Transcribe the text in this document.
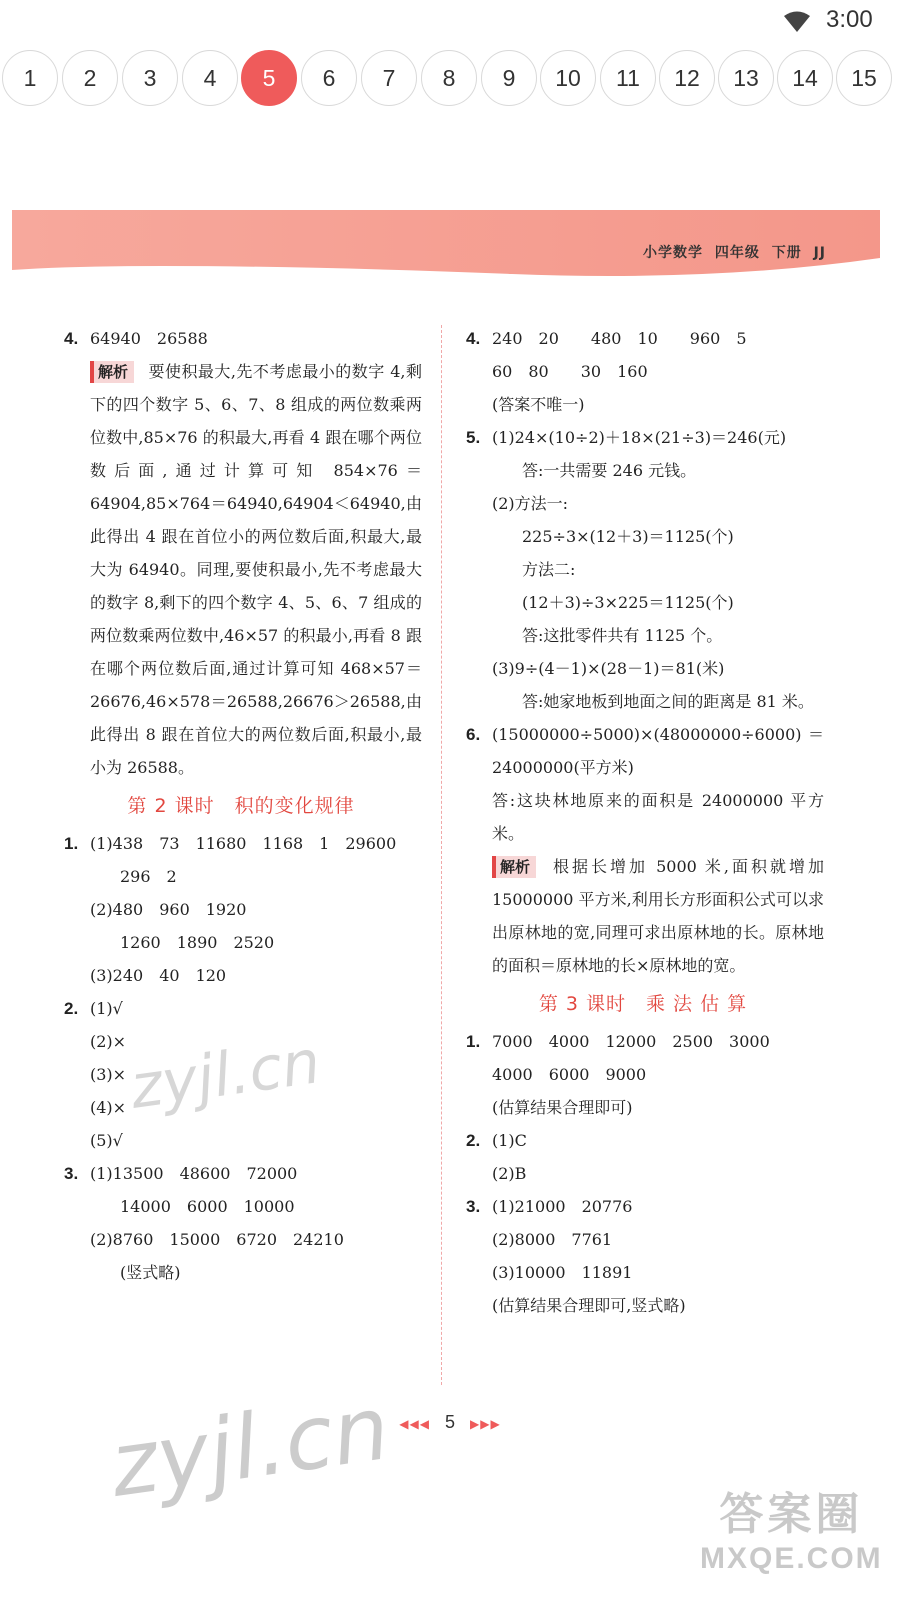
3:00
1	2	3	4	5	6	7	8	9	10	11	12	13	14	15
小学数学 四年级 下册 JJ
4. 64940　26588
解析 要使积最大,先不考虑最小的数字 4,剩下的四个数字 5、6、7、8 组成的两位数乘两位数中,85×76 的积最大,再看 4 跟在哪个两位数后面,通过计算可知 854×76＝64904,85×764＝64940,64904＜64940,由此得出 4 跟在首位小的两位数后面,积最大,最大为 64940。同理,要使积最小,先不考虑最大的数字 8,剩下的四个数字 4、5、6、7 组成的两位数乘两位数中,46×57 的积最小,再看 8 跟在哪个两位数后面,通过计算可知 468×57＝26676,46×578＝26588,26676＞26588,由此得出 8 跟在首位大的两位数后面,积最小,最小为 26588。
第 2 课时　积的变化规律
1. (1)438　73　11680　1168　1　29600
296　2
(2)480　960　1920
1260　1890　2520
(3)240　40　120
2. (1)√
(2)×
(3)×
(4)×
(5)√
3. (1)13500　48600　72000
14000　6000　10000
(2)8760　15000　6720　24210
(竖式略)
4. 240　20　　480　10　　960　5
60　80　　30　160
(答案不唯一)
5. (1)24×(10÷2)＋18×(21÷3)＝246(元)
答:一共需要 246 元钱。
(2)方法一:
225÷3×(12＋3)＝1125(个)
方法二:
(12＋3)÷3×225＝1125(个)
答:这批零件共有 1125 个。
(3)9÷(4－1)×(28－1)＝81(米)
答:她家地板到地面之间的距离是 81 米。
6. (15000000÷5000)×(48000000÷6000)＝24000000(平方米)
答:这块林地原来的面积是 24000000 平方米。
解析 根据长增加 5000 米,面积就增加 15000000 平方米,利用长方形面积公式可以求出原林地的宽,同理可求出原林地的长。原林地的面积＝原林地的长×原林地的宽。
第 3 课时　乘 法 估 算
1. 7000　4000　12000　2500　3000
4000　6000　9000
(估算结果合理即可)
2. (1)C
(2)B
3. (1)21000　20776
(2)8000　7761
(3)10000　11891
(估算结果合理即可,竖式略)
◀◀◀ 5 ▶▶▶
zyjl.cn
zyjl.cn	答案圈
MXQE.COM
